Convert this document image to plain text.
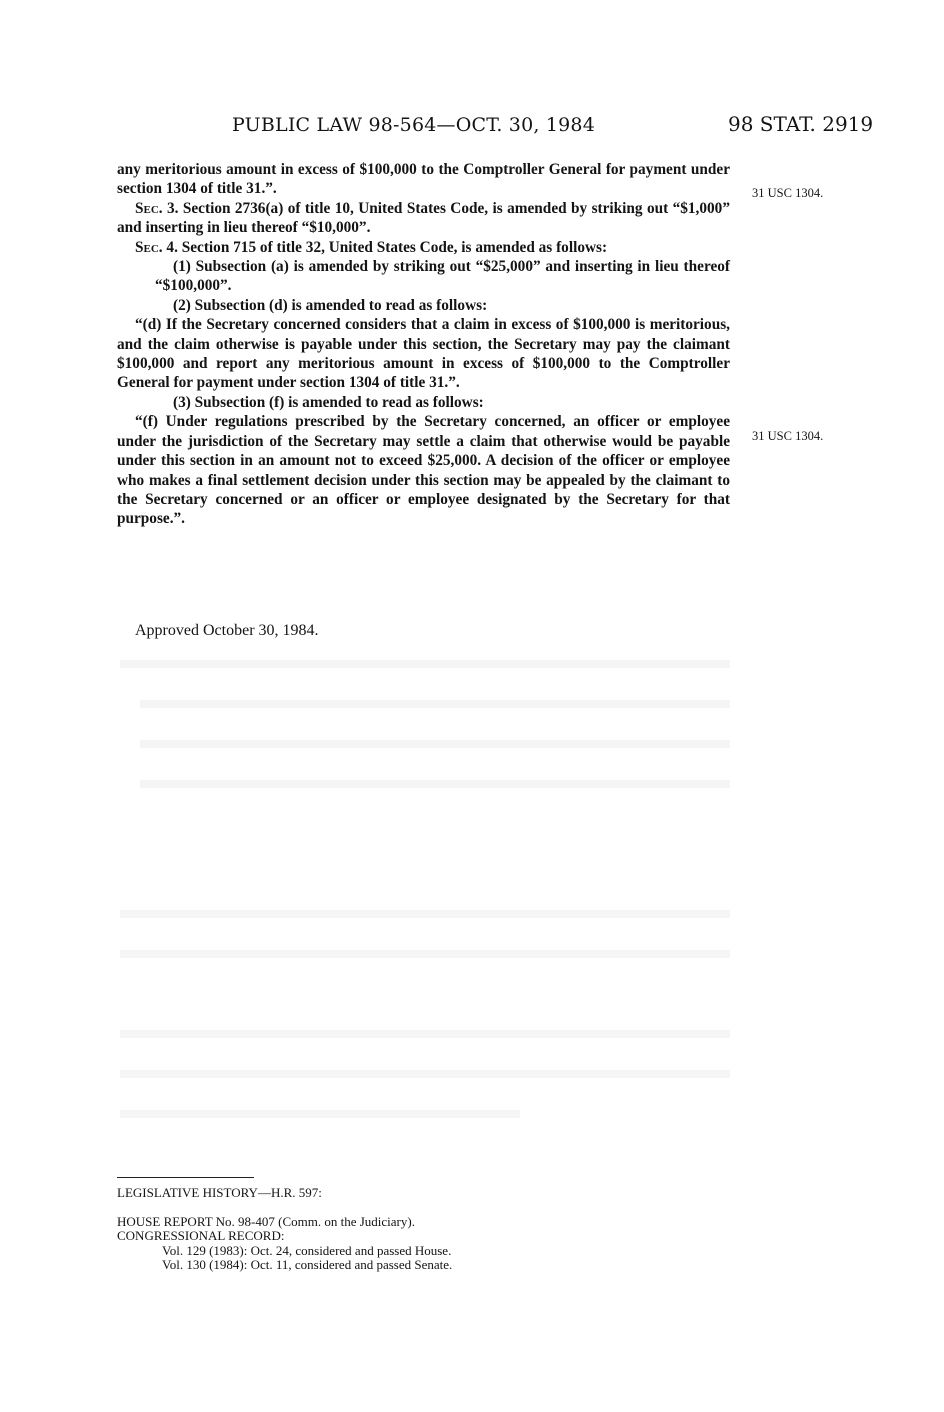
PUBLIC LAW 98-564—OCT. 30, 1984	98 STAT. 2919

any meritorious amount in excess of $100,000 to the Comptroller General for payment under section 1304 of title 31.”.

Sec. 3. Section 2736(a) of title 10, United States Code, is amended by striking out “$1,000” and inserting in lieu thereof “$10,000”.

Sec. 4. Section 715 of title 32, United States Code, is amended as follows:

(1) Subsection (a) is amended by striking out “$25,000” and inserting in lieu thereof “$100,000”.

(2) Subsection (d) is amended to read as follows:

“(d) If the Secretary concerned considers that a claim in excess of $100,000 is meritorious, and the claim otherwise is payable under this section, the Secretary may pay the claimant $100,000 and report any meritorious amount in excess of $100,000 to the Comptroller General for payment under section 1304 of title 31.”.

(3) Subsection (f) is amended to read as follows:

“(f) Under regulations prescribed by the Secretary concerned, an officer or employee under the jurisdiction of the Secretary may settle a claim that otherwise would be payable under this section in an amount not to exceed $25,000. A decision of the officer or employee who makes a final settlement decision under this section may be appealed by the claimant to the Secretary concerned or an officer or employee designated by the Secretary for that purpose.”.

Approved October 30, 1984.
31 USC 1304.
31 USC 1304.

LEGISLATIVE HISTORY—H.R. 597:

HOUSE REPORT No. 98-407 (Comm. on the Judiciary).

CONGRESSIONAL RECORD:

Vol. 129 (1983): Oct. 24, considered and passed House.

Vol. 130 (1984): Oct. 11, considered and passed Senate.
